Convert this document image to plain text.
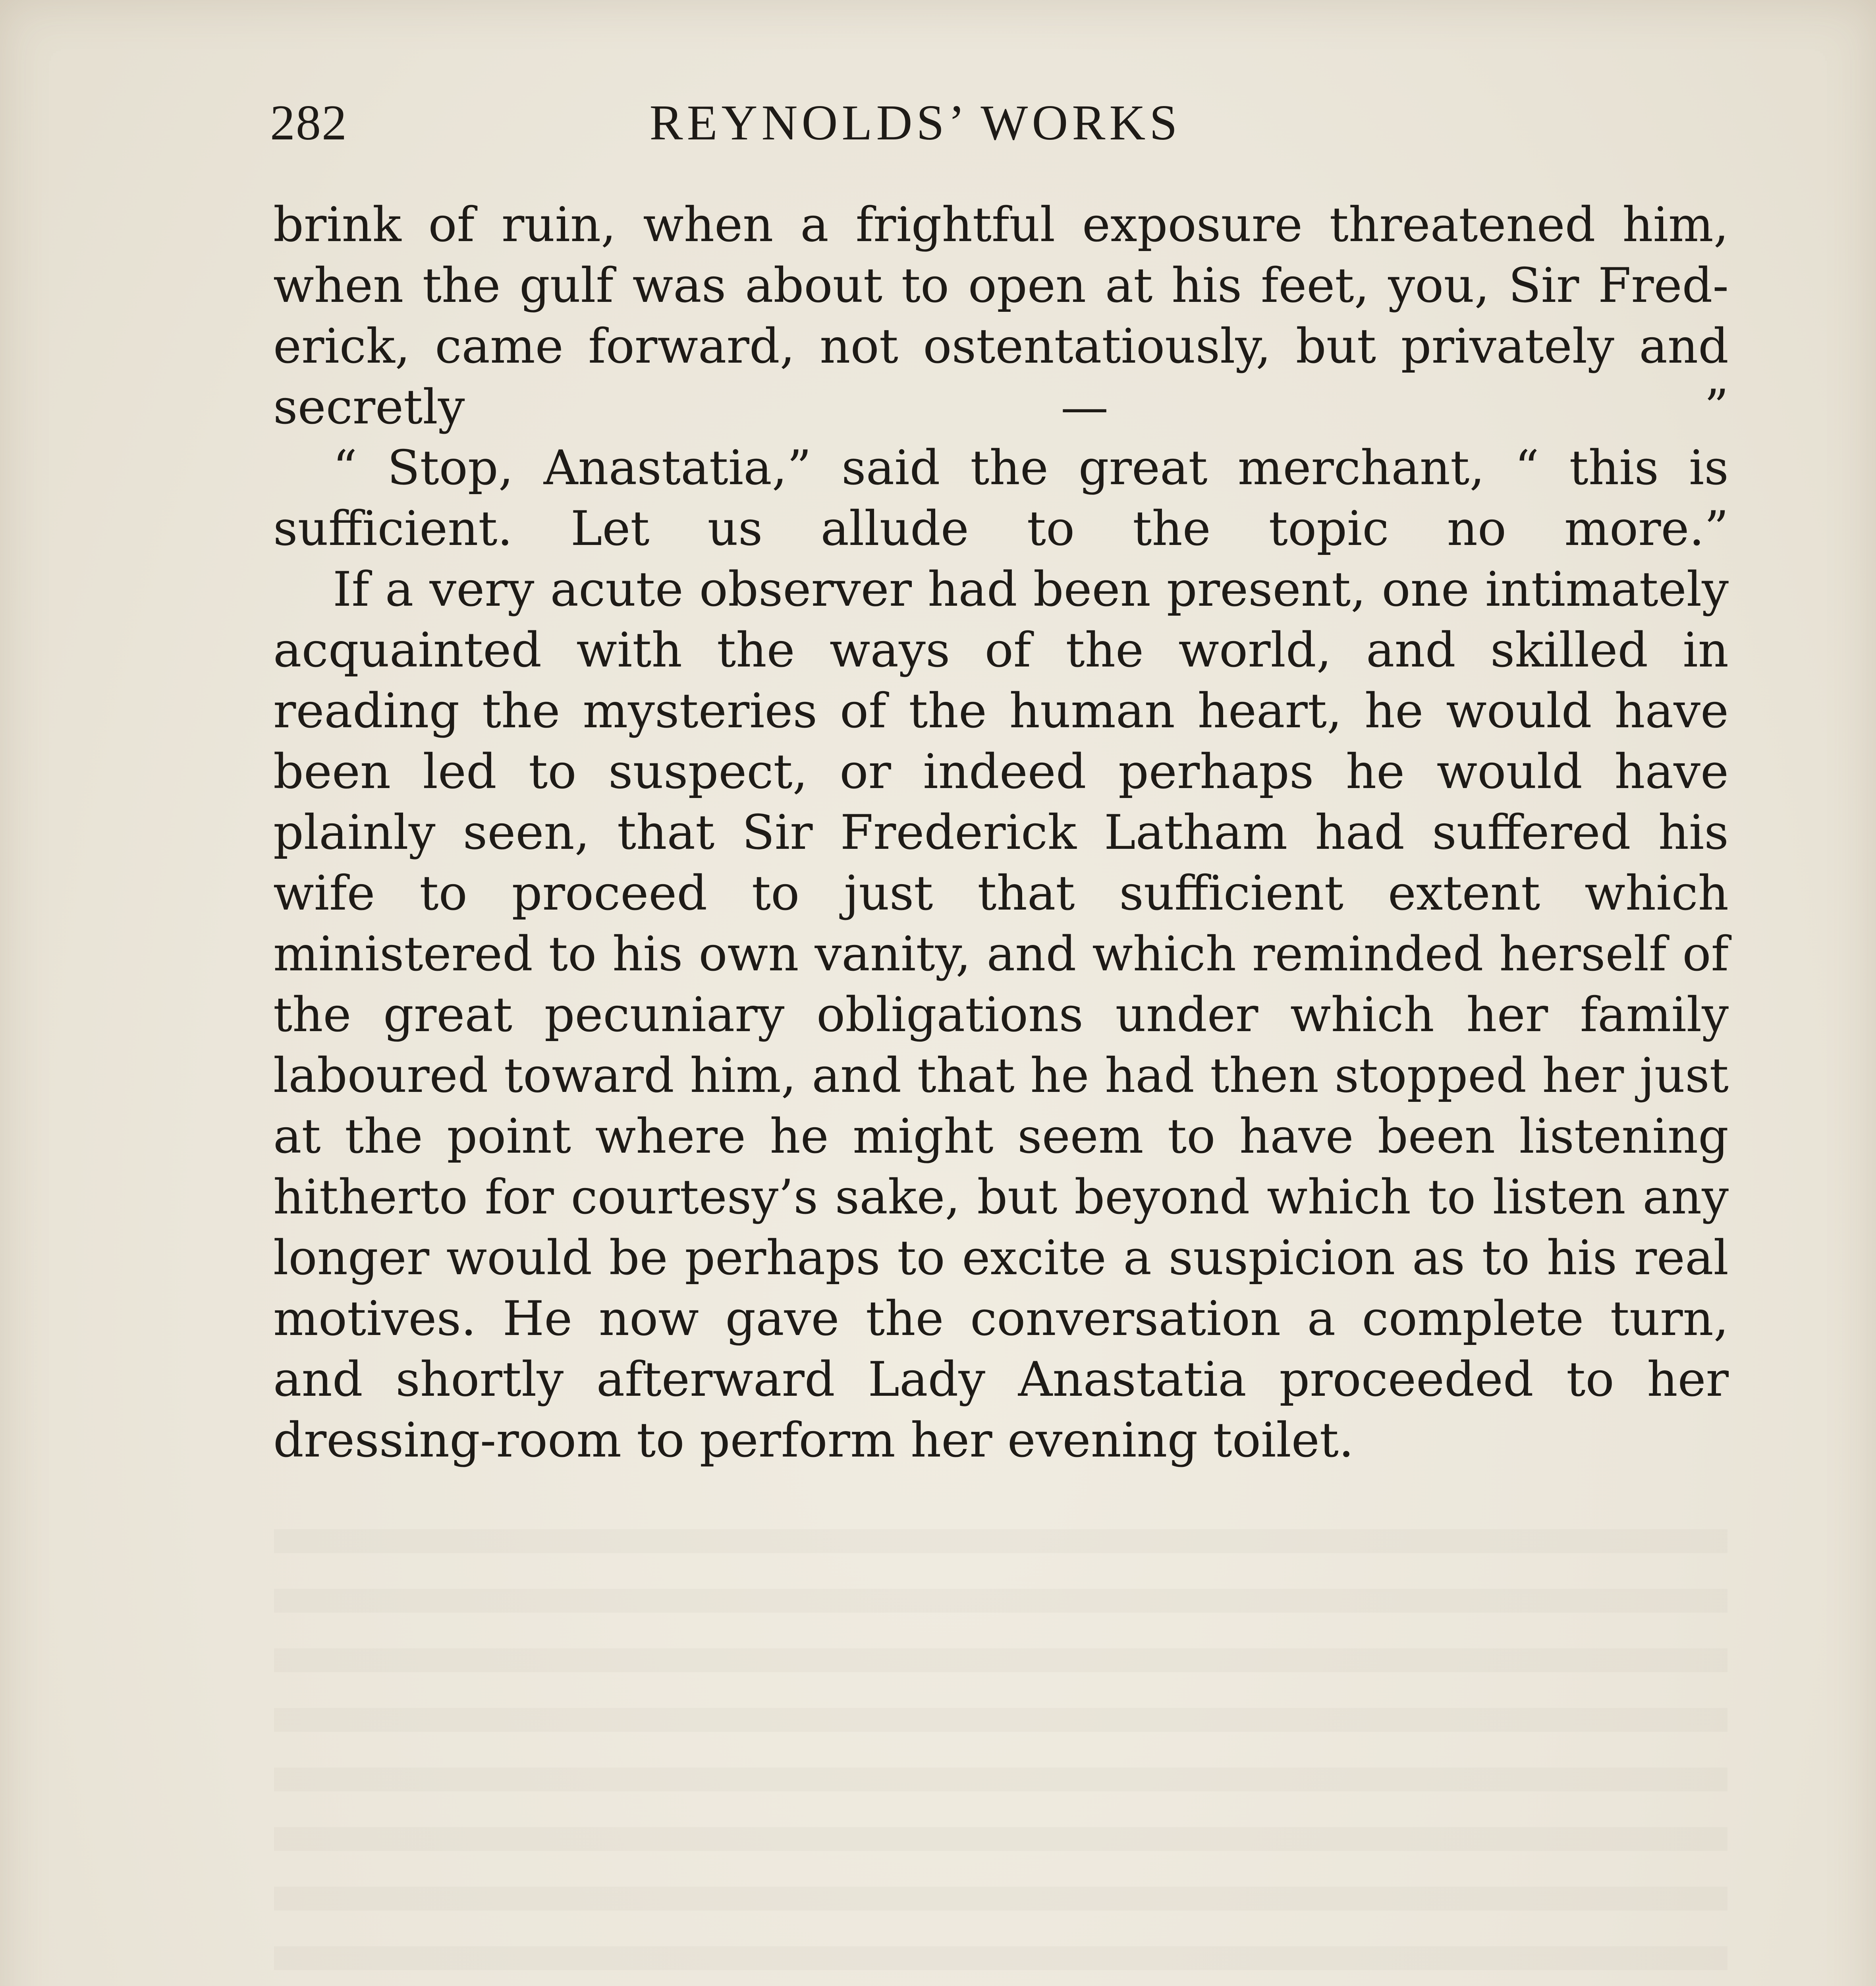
282	REYNOLDS’ WORKS

brink of ruin, when a frightful exposure threatened him, when the gulf was about to open at his feet, you, Sir Frederick, came forward, not ostentatiously, but privately and secretly — ”

“ Stop, Anastatia,” said the great merchant, “ this is sufficient. Let us allude to the topic no more.”

If a very acute observer had been present, one intimately acquainted with the ways of the world, and skilled in reading the mysteries of the human heart, he would have been led to suspect, or indeed perhaps he would have plainly seen, that Sir Frederick Latham had suffered his wife to proceed to just that sufficient extent which ministered to his own vanity, and which reminded herself of the great pecuniary obligations under which her family laboured toward him, and that he had then stopped her just at the point where he might seem to have been listening hitherto for courtesy’s sake, but beyond which to listen any longer would be perhaps to excite a suspicion as to his real motives. He now gave the conversation a complete turn, and shortly afterward Lady Anastatia proceeded to her dressing-room to perform her evening toilet.
